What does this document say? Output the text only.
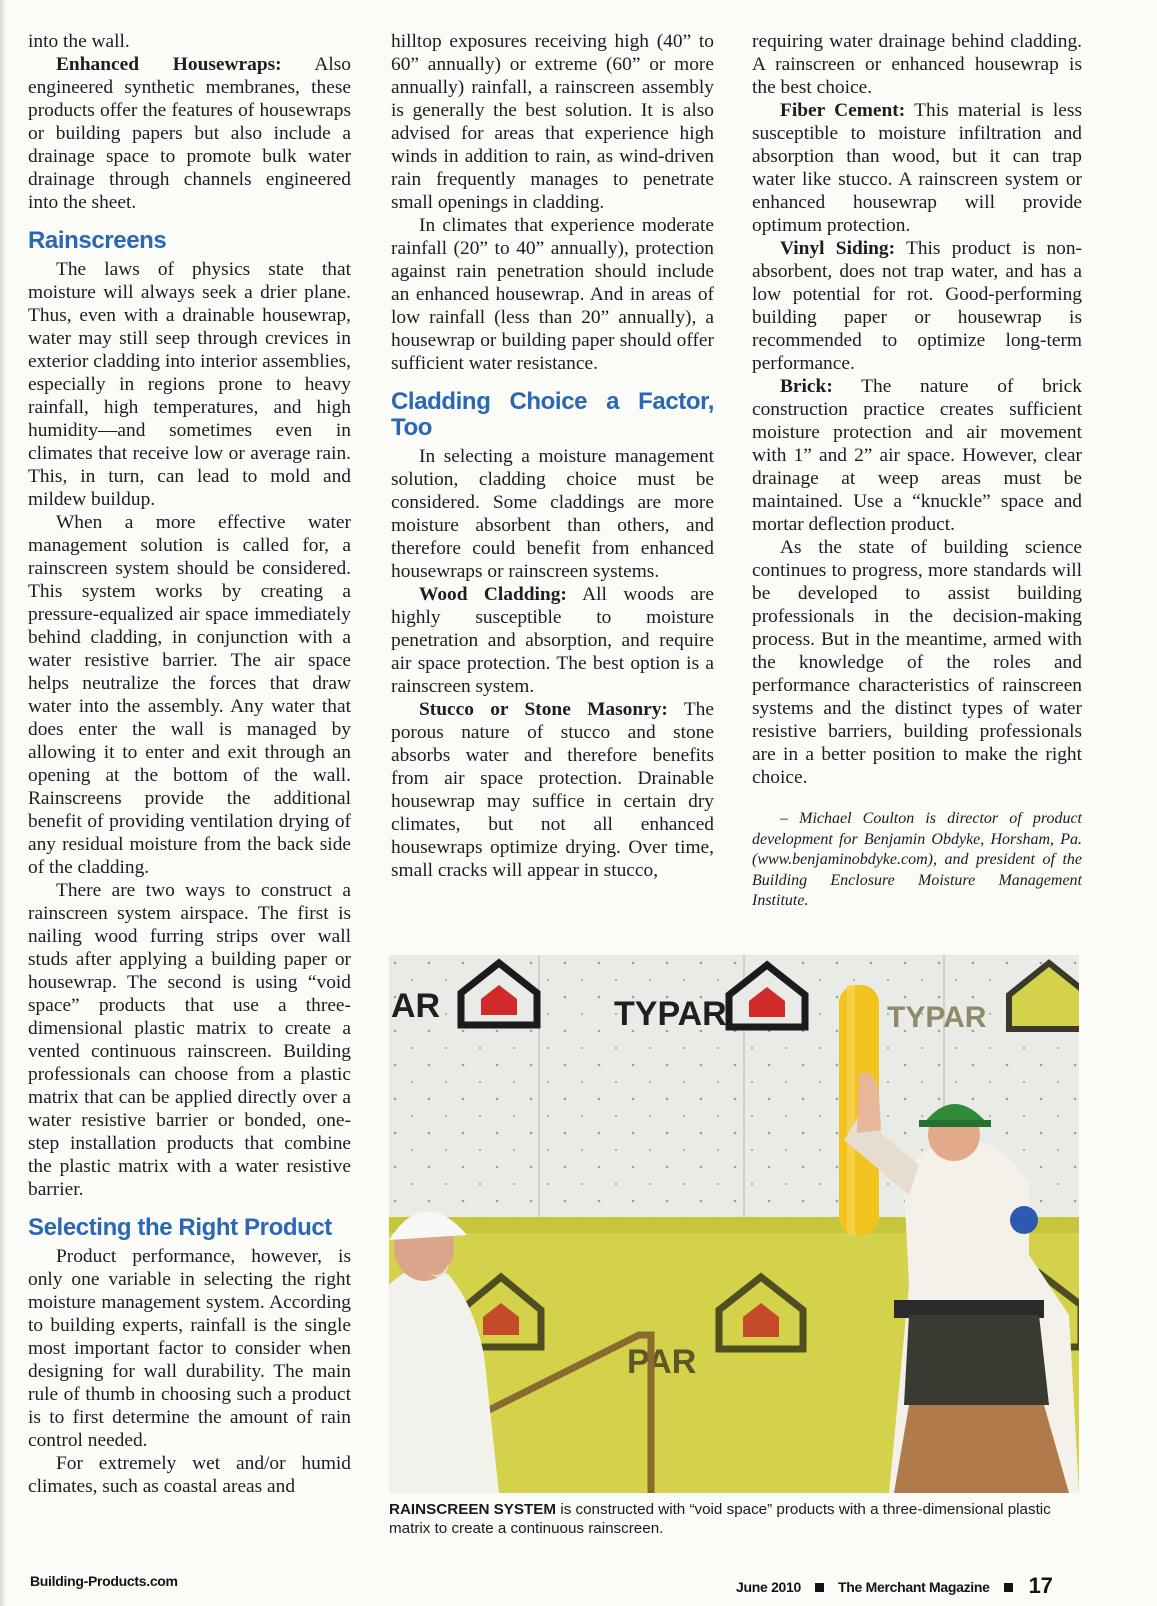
into the wall.

Enhanced Housewraps: Also engineered synthetic membranes, these products offer the features of housewraps or building papers but also include a drainage space to promote bulk water drainage through channels engineered into the sheet.

Rainscreens

The laws of physics state that moisture will always seek a drier plane. Thus, even with a drainable housewrap, water may still seep through crevices in exterior cladding into interior assemblies, especially in regions prone to heavy rainfall, high temperatures, and high humidity—and sometimes even in climates that receive low or average rain. This, in turn, can lead to mold and mildew buildup.

When a more effective water management solution is called for, a rainscreen system should be considered. This system works by creating a pressure-equalized air space immediately behind cladding, in conjunction with a water resistive barrier. The air space helps neutralize the forces that draw water into the assembly. Any water that does enter the wall is managed by allowing it to enter and exit through an opening at the bottom of the wall. Rainscreens provide the additional benefit of providing ventilation drying of any residual moisture from the back side of the cladding.

There are two ways to construct a rainscreen system airspace. The first is nailing wood furring strips over wall studs after applying a building paper or housewrap. The second is using “void space” products that use a three-dimensional plastic matrix to create a vented continuous rainscreen. Building professionals can choose from a plastic matrix that can be applied directly over a water resistive barrier or bonded, one-step installation products that combine the plastic matrix with a water resistive barrier.

Selecting the Right Product

Product performance, however, is only one variable in selecting the right moisture management system. According to building experts, rainfall is the single most important factor to consider when designing for wall durability. The main rule of thumb in choosing such a product is to first determine the amount of rain control needed.

For extremely wet and/or humid climates, such as coastal areas and

hilltop exposures receiving high (40” to 60” annually) or extreme (60” or more annually) rainfall, a rainscreen assembly is generally the best solution. It is also advised for areas that experience high winds in addition to rain, as wind-driven rain frequently manages to penetrate small openings in cladding.

In climates that experience moderate rainfall (20” to 40” annually), protection against rain penetration should include an enhanced housewrap. And in areas of low rainfall (less than 20” annually), a housewrap or building paper should offer sufficient water resistance.

Cladding Choice a Factor, Too

In selecting a moisture management solution, cladding choice must be considered. Some claddings are more moisture absorbent than others, and therefore could benefit from enhanced housewraps or rainscreen systems.

Wood Cladding: All woods are highly susceptible to moisture penetration and absorption, and require air space protection. The best option is a rainscreen system.

Stucco or Stone Masonry: The porous nature of stucco and stone absorbs water and therefore benefits from air space protection. Drainable housewrap may suffice in certain dry climates, but not all enhanced housewraps optimize drying. Over time, small cracks will appear in stucco,

requiring water drainage behind cladding. A rainscreen or enhanced housewrap is the best choice.

Fiber Cement: This material is less susceptible to moisture infiltration and absorption than wood, but it can trap water like stucco. A rainscreen system or enhanced housewrap will provide optimum protection.

Vinyl Siding: This product is non-absorbent, does not trap water, and has a low potential for rot. Good-performing building paper or housewrap is recommended to optimize long-term performance.

Brick: The nature of brick construction practice creates sufficient moisture protection and air movement with 1” and 2” air space. However, clear drainage at weep areas must be maintained. Use a “knuckle” space and mortar deflection product.

As the state of building science continues to progress, more standards will be developed to assist building professionals in the decision-making process. But in the meantime, armed with the knowledge of the roles and performance characteristics of rainscreen systems and the distinct types of water resistive barriers, building professionals are in a better position to make the right choice.

– Michael Coulton is director of product development for Benjamin Obdyke, Horsham, Pa. (www.benjaminobdyke.com), and president of the Building Enclosure Moisture Management Institute.

AR	TYPAR	TYPAR
PAR
RAINSCREEN SYSTEM is constructed with “void space” products with a three-dimensional plastic matrix to create a continuous rainscreen.
Building-Products.com	June 2010	The Merchant Magazine 17
